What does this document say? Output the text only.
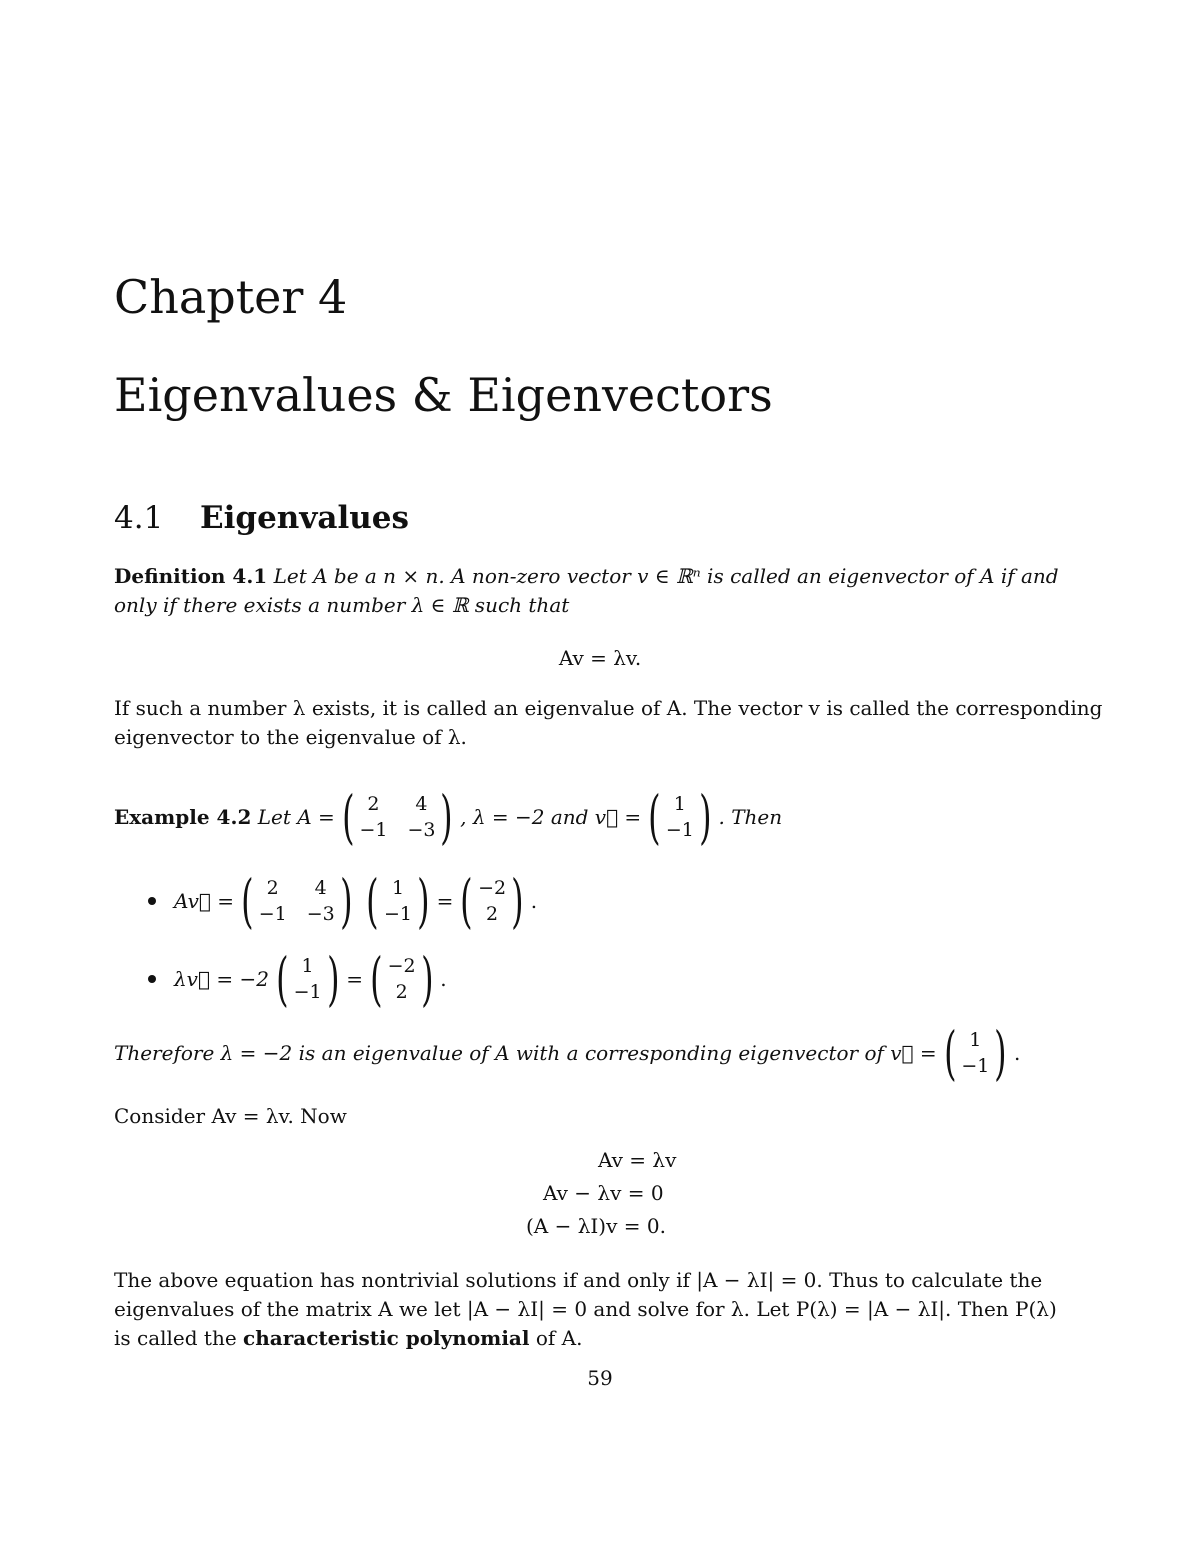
Chapter 4
Eigenvalues & Eigenvectors
4.1 Eigenvalues
Definition 4.1 Let A be a n × n. A non-zero vector v ∈ ℝⁿ is called an eigenvector of A if and
only if there exists a number λ ∈ ℝ such that
Av = λv.
If such a number λ exists, it is called an eigenvalue of A. The vector v is called the corresponding
eigenvector to the eigenvalue of λ.
Example 4.2
Let A = ( 2	4
−1 −3 ) , λ = −2 and v⃗ = ( 1
−1 ) . Then
Av⃗ = ( 2	4
−1 −3 ) ( 1
−1 ) = ( −2
2 ) .
λv⃗ = −2 ( 1
−1 ) = ( −2
2 ) .
Therefore λ = −2 is an eigenvalue of A with a corresponding eigenvector of v⃗ = ( 1
−1 ) .
Consider Av = λv. Now
Av = λv
Av − λv = 0
(A − λI)v = 0.
The above equation has nontrivial solutions if and only if |A − λI| = 0. Thus to calculate the
eigenvalues of the matrix A we let |A − λI| = 0 and solve for λ. Let P(λ) = |A − λI|. Then P(λ)
is called the characteristic polynomial of A.
59
